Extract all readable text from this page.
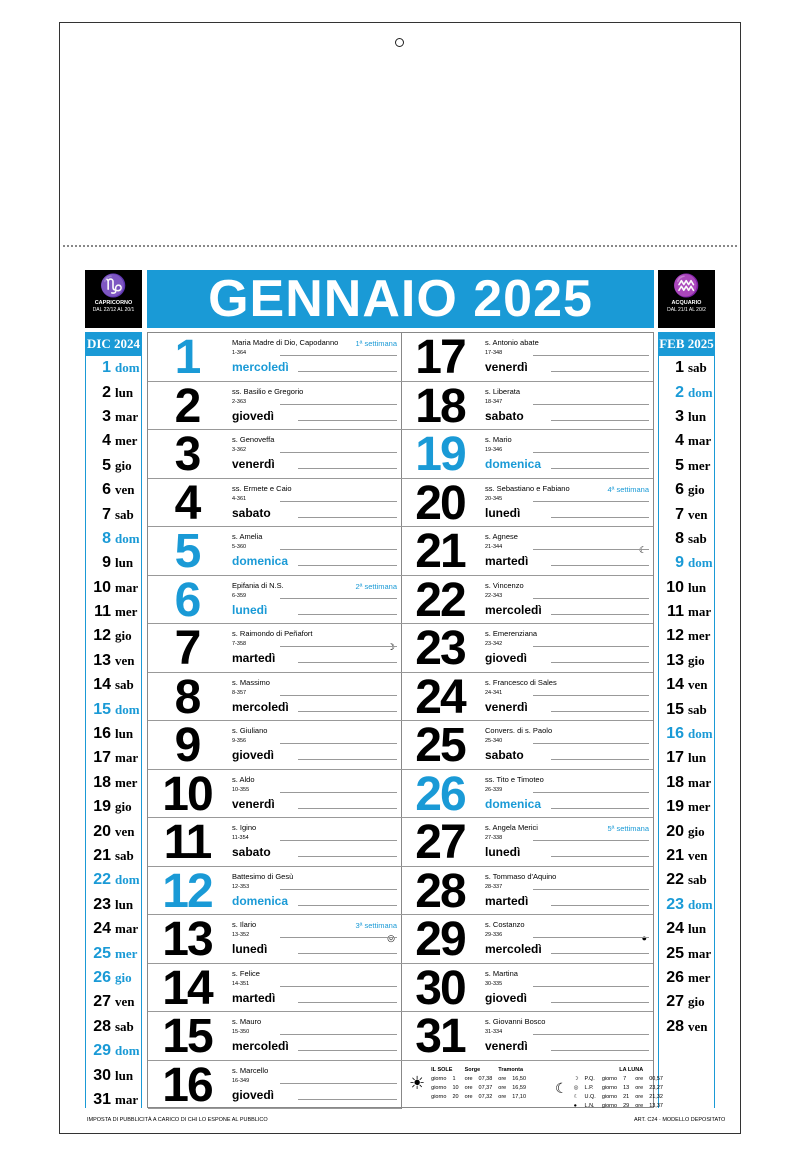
♑
CAPRICORNO
DAL 22/12 AL 20/1	GENNAIO 2025	♒
ACQUARIO
DAL 21/1 AL 20/2
DIC 2024
1 dom
2 lun
3 mar
4 mer
5 gio
6 ven
7 sab
8 dom
9 lun
10 mar
11 mer
12 gio
13 ven
14 sab
15 dom
16 lun
17 mar
18 mer
19 gio
20 ven
21 sab
22 dom
23 lun
24 mar
25 mer
26 gio
27 ven
28 sab
29 dom
30 lun
31 mar
FEB 2025
1 sab
2 dom
3 lun
4 mar
5 mer
6 gio
7 ven
8 sab
9 dom
10 lun
11 mar
12 mer
13 gio
14 ven
15 sab
16 dom
17 lun
18 mar
19 mer
20 gio
21 ven
22 sab
23 dom
24 lun
25 mar
26 mer
27 gio
28 ven
1	Maria Madre di Dio, Capodanno
1-364
mercoledì
1ª settimana
2	ss. Basilio e Gregorio
2-363
giovedì
3	s. Genoveffa
3-362
venerdì
4	ss. Ermete e Caio
4-361
sabato
5	s. Amelia
5-360
domenica
6	Epifania di N.S.
6-359
lunedì
2ª settimana
7	s. Raimondo di Peñafort
7-358
martedì
☽
8	s. Massimo
8-357
mercoledì
9	s. Giuliano
9-356
giovedì
10	s. Aldo
10-355
venerdì
11	s. Igino
11-354
sabato
12	Battesimo di Gesù
12-353
domenica
13	s. Ilario
13-352
lunedì
3ª settimana
◎
14	s. Felice
14-351
martedì
15	s. Mauro
15-350
mercoledì
16	s. Marcello
16-349
giovedì
17	s. Antonio abate
17-348
venerdì
18	s. Liberata
18-347
sabato
19	s. Mario
19-346
domenica
20	ss. Sebastiano e Fabiano
20-345
lunedì
4ª settimana
21	s. Agnese
21-344
martedì
☾
22	s. Vincenzo
22-343
mercoledì
23	s. Emerenziana
23-342
giovedì
24	s. Francesco di Sales
24-341
venerdì
25	Convers. di s. Paolo
25-340
sabato
26	ss. Tito e Timoteo
26-339
domenica
27	s. Angela Merici
27-338
lunedì
5ª settimana
28	s. Tommaso d'Aquino
28-337
martedì
29	s. Costanzo
29-336
mercoledì
●
30	s. Martina
30-335
giovedì
31	s. Giovanni Bosco
31-334
venerdì
☀	IL SOLE		Sorge		Tramonta	
	giorno	1	ore	07,38	ore	16,50
	giorno	10	ore	07,37	ore	16,59
	giorno	20	ore	07,32	ore	17,10
☾	LA LUNA					
	☽	P.Q.	giorno	7	ore	00,57
	◎	L.P.	giorno	13	ore	23,27
	☾	U.Q.	giorno	21	ore	21,32
	●	L.N.	giorno	29	ore	13,37
IMPOSTA DI PUBBLICITÀ A CARICO DI CHI LO ESPONE AL PUBBLICO	ART. C24 · MODELLO DEPOSITATO
